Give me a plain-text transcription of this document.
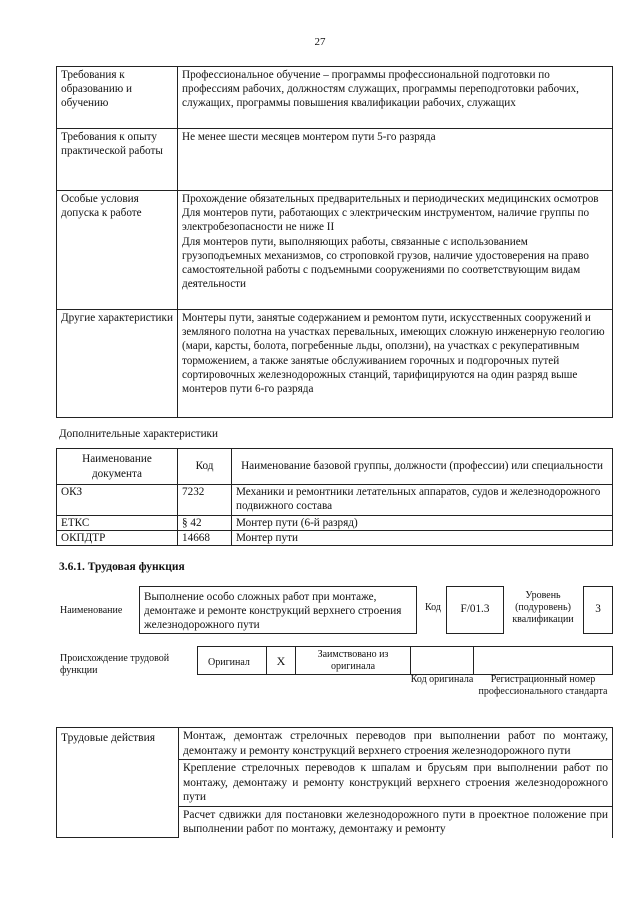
27
Требования к образованию и обучению	Профессиональное обучение – программы профессиональной подготовки по профессиям рабочих, должностям служащих, программы переподготовки рабочих, служащих, программы повышения квалификации рабочих, служащих
Требования к опыту практической работы	Не менее шести месяцев монтером пути 5-го разряда
Особые условия допуска к работе	Прохождение обязательных предварительных и периодических медицинских осмотров
Для монтеров пути, работающих с электрическим инструментом, наличие группы по электробезопасности не ниже II
Для монтеров пути, выполняющих работы, связанные с использованием грузоподъемных механизмов, со строповкой грузов, наличие удостоверения на право самостоятельной работы с подъемными сооружениями по соответствующим видам деятельности

Другие характеристики	Монтеры пути, занятые содержанием и ремонтом пути, искусственных сооружений и земляного полотна на участках перевальных, имеющих сложную инженерную геологию (мари, карсты, болота, погребенные льды, оползни), на участках с рекуперативным торможением, а также занятые обслуживанием горочных и подгорочных путей сортировочных железнодорожных станций, тарифицируются на один разряд выше монтеров пути 6-го разряда
Дополнительные характеристики
Наименование документа	Код	Наименование базовой группы, должности (профессии) или специальности
ОКЗ	7232	Механики и ремонтники летательных аппаратов, судов и железнодорожного подвижного состава
ЕТКС	§ 42	Монтер пути (6-й разряд)
ОКПДТР	14668	Монтер пути
3.6.1. Трудовая функция
Наименование
Выполнение особо сложных работ при монтаже, демонтаже и ремонте конструкций верхнего строения железнодорожного пути
Код	F/01.3
Уровень (подуровень) квалификации
3
Происхождение трудовой функции
Оригинал	X	Заимствовано из оригинала
Код оригинала	Регистрационный номер профессионального стандарта
Трудовые действия	Монтаж, демонтаж стрелочных переводов при выполнении работ по монтажу, демонтажу и ремонту конструкций верхнего строения железнодорожного пути
Крепление стрелочных переводов к шпалам и брусьям при выполнении работ по монтажу, демонтажу и ремонту конструкций верхнего строения железнодорожного пути
Расчет сдвижки для постановки железнодорожного пути в проектное положение при выполнении работ по монтажу, демонтажу и ремонту
